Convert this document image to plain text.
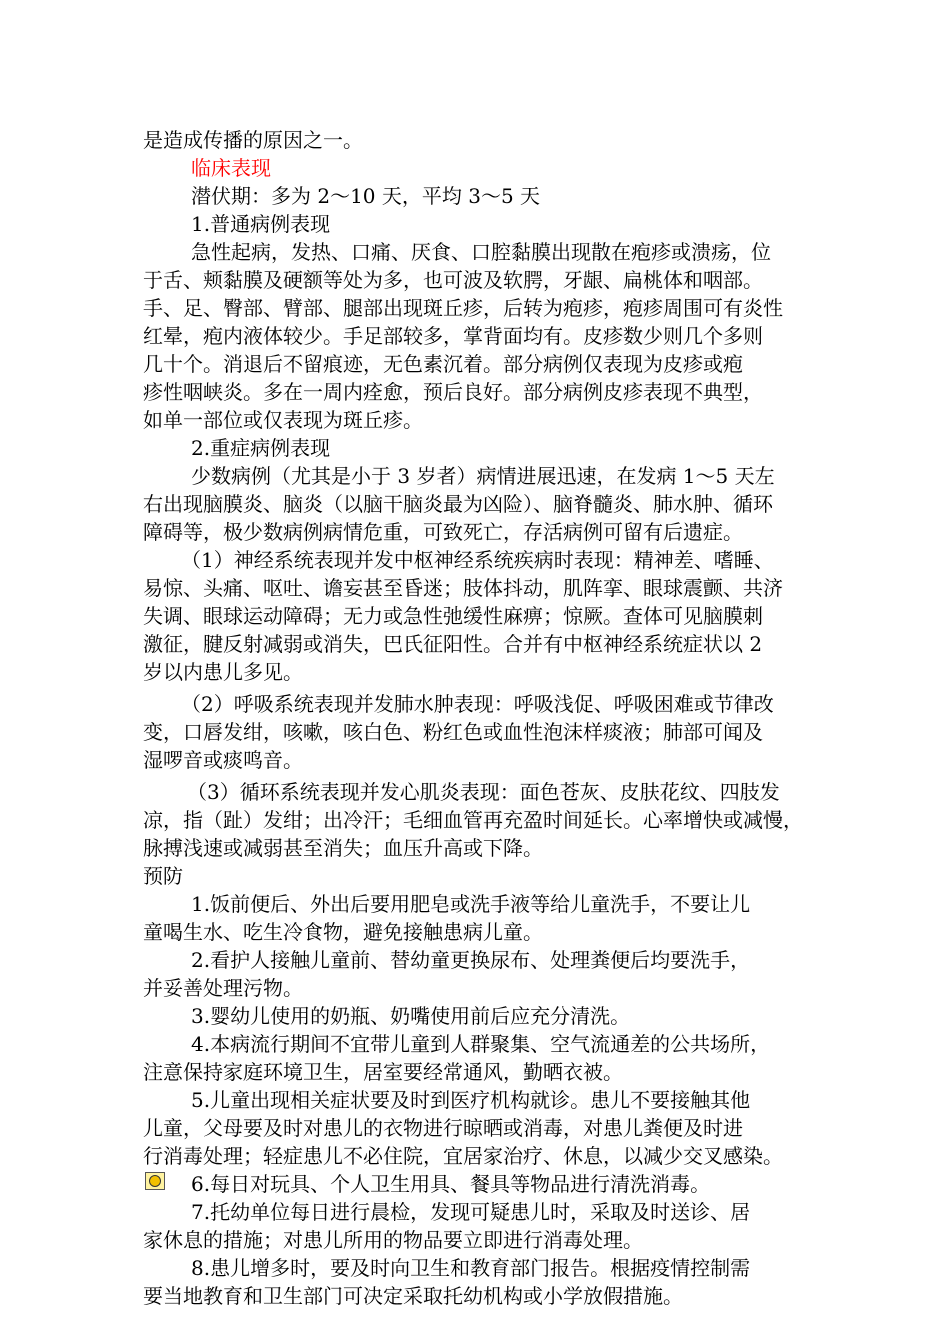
是造成传播的原因之一。
临床表现
潜伏期：多为 2～10 天，平均 3～5 天
1.普通病例表现
急性起病，发热、口痛、厌食、口腔黏膜出现散在疱疹或溃疡，位
于舌、颊黏膜及硬额等处为多，也可波及软腭，牙龈、扁桃体和咽部。
手、足、臀部、臂部、腿部出现斑丘疹，后转为疱疹，疱疹周围可有炎性
红晕，疱内液体较少。手足部较多，掌背面均有。皮疹数少则几个多则
几十个。消退后不留痕迹，无色素沉着。部分病例仅表现为皮疹或疱
疹性咽峡炎。多在一周内痊愈，预后良好。部分病例皮疹表现不典型，
如单一部位或仅表现为斑丘疹。
2.重症病例表现
少数病例（尤其是小于 3 岁者）病情进展迅速，在发病 1～5 天左
右出现脑膜炎、脑炎（以脑干脑炎最为凶险）、脑脊髓炎、肺水肿、循环
障碍等，极少数病例病情危重，可致死亡，存活病例可留有后遗症。
（1）神经系统表现并发中枢神经系统疾病时表现：精神差、嗜睡、
易惊、头痛、呕吐、谵妄甚至昏迷；肢体抖动，肌阵挛、眼球震颤、共济
失调、眼球运动障碍；无力或急性弛缓性麻痹；惊厥。查体可见脑膜刺
激征，腱反射减弱或消失，巴氏征阳性。合并有中枢神经系统症状以 2
岁以内患儿多见。
（2）呼吸系统表现并发肺水肿表现：呼吸浅促、呼吸困难或节律改
变，口唇发绀，咳嗽，咳白色、粉红色或血性泡沫样痰液；肺部可闻及
湿啰音或痰鸣音。
（3）循环系统表现并发心肌炎表现：面色苍灰、皮肤花纹、四肢发
凉，指（趾）发绀；出冷汗；毛细血管再充盈时间延长。心率增快或减慢，
脉搏浅速或减弱甚至消失；血压升高或下降。
预防
1.饭前便后、外出后要用肥皂或洗手液等给儿童洗手，不要让儿
童喝生水、吃生冷食物，避免接触患病儿童。
2.看护人接触儿童前、替幼童更换尿布、处理粪便后均要洗手，
并妥善处理污物。
3.婴幼儿使用的奶瓶、奶嘴使用前后应充分清洗。
4.本病流行期间不宜带儿童到人群聚集、空气流通差的公共场所，
注意保持家庭环境卫生，居室要经常通风，勤晒衣被。
5.儿童出现相关症状要及时到医疗机构就诊。患儿不要接触其他
儿童，父母要及时对患儿的衣物进行晾晒或消毒，对患儿粪便及时进
行消毒处理；轻症患儿不必住院，宜居家治疗、休息，以减少交叉感染。
6.每日对玩具、个人卫生用具、餐具等物品进行清洗消毒。
7.托幼单位每日进行晨检，发现可疑患儿时，采取及时送诊、居
家休息的措施；对患儿所用的物品要立即进行消毒处理。
8.患儿增多时，要及时向卫生和教育部门报告。根据疫情控制需
要当地教育和卫生部门可决定采取托幼机构或小学放假措施。
